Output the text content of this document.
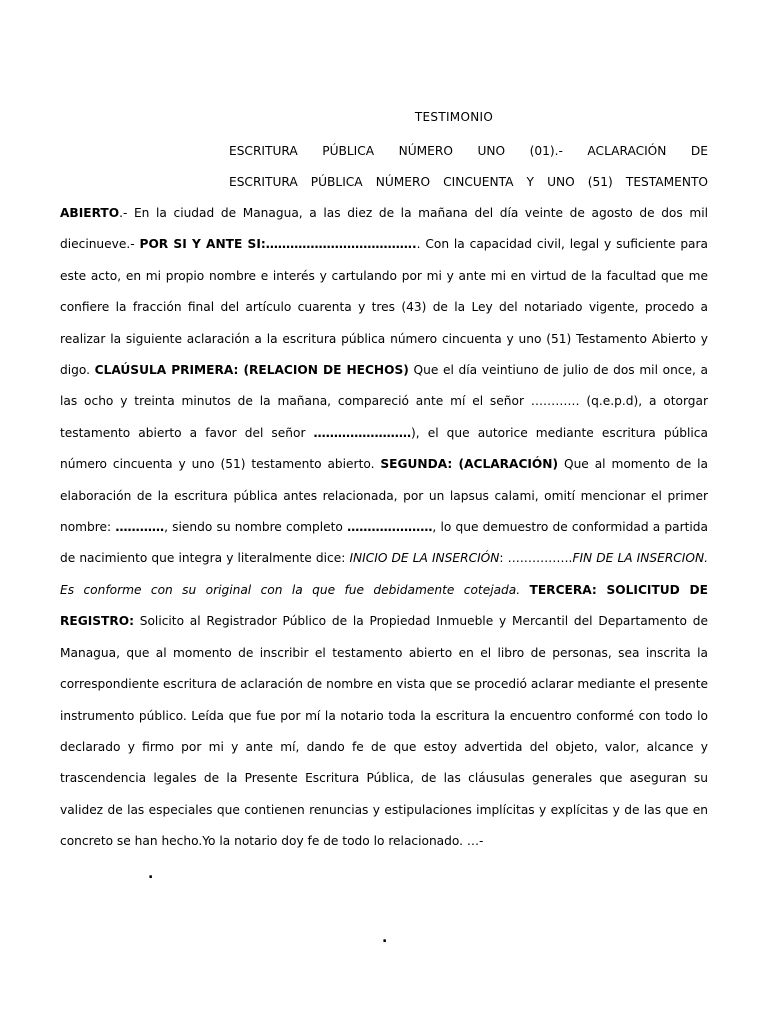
TESTIMONIO
ESCRITURA PÚBLICA NÚMERO UNO (01).- ACLARACIÓN DE
ESCRITURA PÚBLICA NÚMERO CINCUENTA Y UNO (51) TESTAMENTO
ABIERTO.- En la ciudad de Managua, a las diez de la mañana del día veinte de agosto de dos mil diecinueve.- POR SI Y ANTE SI:……………………………….. Con la capacidad civil, legal y suficiente para este acto, en mi propio nombre e interés y cartulando por mi y ante mi en virtud de la facultad que me confiere la fracción final del artículo cuarenta y tres (43) de la Ley del notariado vigente, procedo a realizar la siguiente aclaración a la escritura pública número cincuenta y uno (51) Testamento Abierto y digo. CLAÚSULA PRIMERA: (RELACION DE HECHOS) Que el día veintiuno de julio de dos mil once, a las ocho y treinta minutos de la mañana, compareció ante mí el señor ………… (q.e.p.d), a otorgar testamento abierto a favor del señor ……………………), el que autorice mediante escritura pública número cincuenta y uno (51) testamento abierto. SEGUNDA: (ACLARACIÓN) Que al momento de la elaboración de la escritura pública antes relacionada, por un lapsus calami, omití mencionar el primer nombre: …………, siendo su nombre completo …………………, lo que demuestro de conformidad a partida de nacimiento que integra y literalmente dice: INICIO DE LA INSERCIÓN: …………….FIN DE LA INSERCION. Es conforme con su original con la que fue debidamente cotejada. TERCERA: SOLICITUD DE REGISTRO: Solicito al Registrador Público de la Propiedad Inmueble y Mercantil del Departamento de Managua, que al momento de inscribir el testamento abierto en el libro de personas, sea inscrita la correspondiente escritura de aclaración de nombre en vista que se procedió aclarar mediante el presente instrumento público. Leída que fue por mí la notario toda la escritura la encuentro conformé con todo lo declarado y firmo por mi y ante mí, dando fe de que estoy advertida del objeto, valor, alcance y trascendencia legales de la Presente Escritura Pública, de las cláusulas generales que aseguran su validez de las especiales que contienen renuncias y estipulaciones implícitas y explícitas y de las que en concreto se han hecho.Yo la notario doy fe de todo lo relacionado. …-
.
.
